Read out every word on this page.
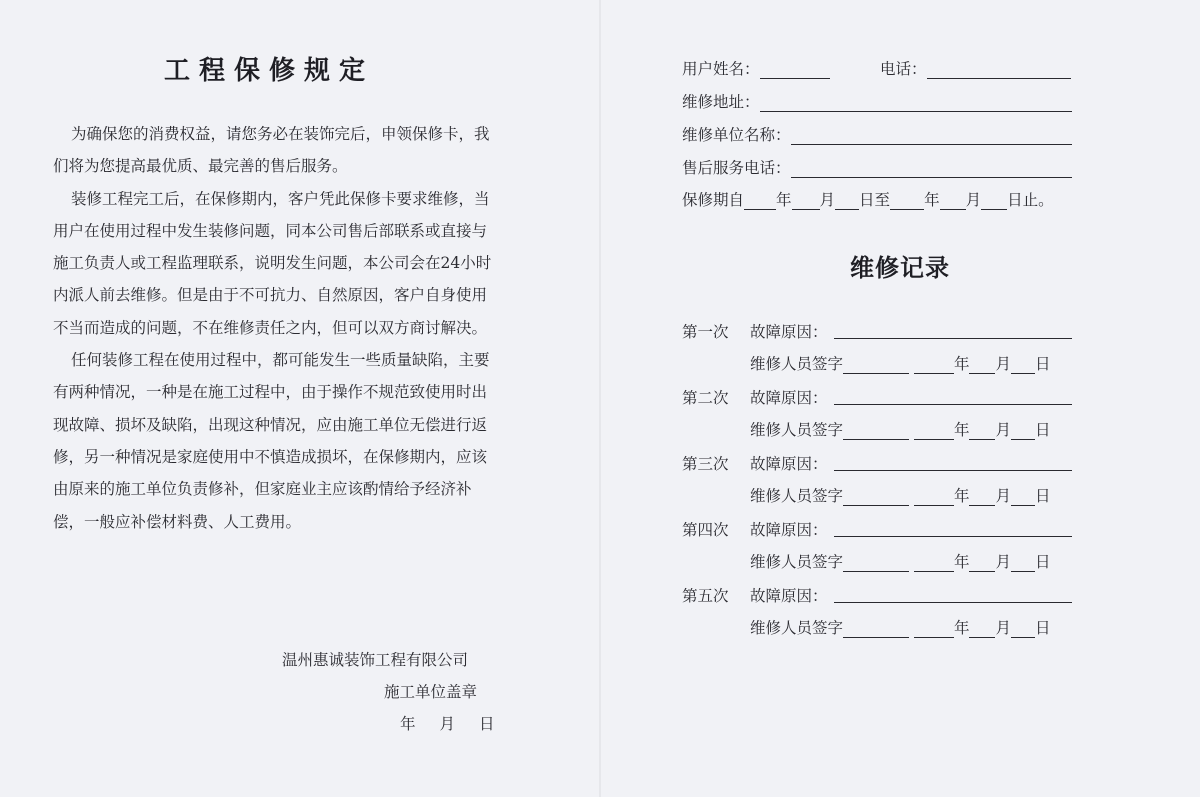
工程保修规定

为确保您的消费权益，请您务必在装饰完后，申领保修卡，我们将为您提高最优质、最完善的售后服务。

装修工程完工后，在保修期内，客户凭此保修卡要求维修，当用户在使用过程中发生装修问题，同本公司售后部联系或直接与施工负责人或工程监理联系，说明发生问题，本公司会在24小时内派人前去维修。但是由于不可抗力、自然原因，客户自身使用不当而造成的问题，不在维修责任之内，但可以双方商讨解决。

任何装修工程在使用过程中，都可能发生一些质量缺陷，主要有两种情况，一种是在施工过程中，由于操作不规范致使用时出现故障、损坏及缺陷，出现这种情况，应由施工单位无偿进行返修，另一种情况是家庭使用中不慎造成损坏，在保修期内，应该由原来的施工单位负责修补，但家庭业主应该酌情给予经济补偿，一般应补偿材料费、人工费用。

温州惠诚装饰工程有限公司
施工单位盖章
年 月 日
用户姓名：	电话：
维修地址：
维修单位名称：
售后服务电话：
保修期自 年 月 日至 年 月 日止。
维修记录
第一次 故障原因：
维修人员签字	年 月 日
第二次 故障原因：
维修人员签字	年 月 日
第三次 故障原因：
维修人员签字	年 月 日
第四次 故障原因：
维修人员签字	年 月 日
第五次 故障原因：
维修人员签字	年 月 日
